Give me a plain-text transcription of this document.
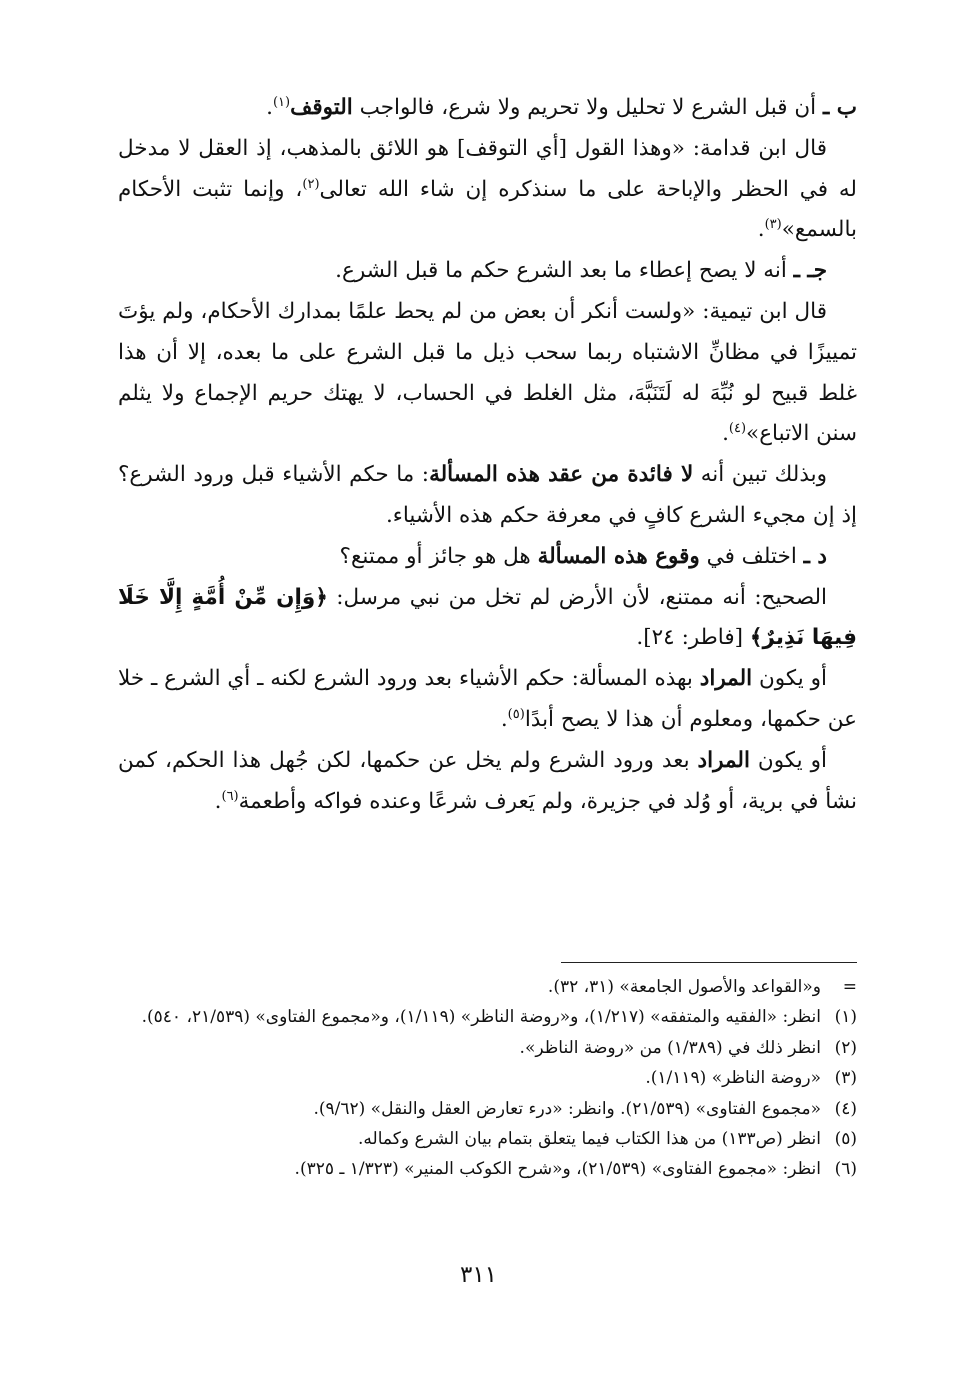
ب ـ أن قبل الشرع لا تحليل ولا تحريم ولا شرع، فالواجب التوقف$^{(١)}$.

قال ابن قدامة: «وهذا القول [أي التوقف] هو اللائق بالمذهب، إذ العقل لا مدخل له في الحظر والإباحة على ما سنذكره إن شاء الله تعالى$^{(٢)}$، وإنما تثبت الأحكام بالسمع»$^{(٣)}$.

جـ ـ أنه لا يصح إعطاء ما بعد الشرع حكم ما قبل الشرع.

قال ابن تيمية: «ولست أنكر أن بعض من لم يحط علمًا بمدارك الأحكام، ولم يؤتَ تمييزًا في مظانِّ الاشتباه ربما سحب ذيل ما قبل الشرع على ما بعده، إلا أن هذا غلط قبيح لو نُبِّهَ له لَتَنَبَّهَ، مثل الغلط في الحساب، لا يهتك حريم الإجماع ولا يثلم سنن الاتباع»$^{(٤)}$.

وبذلك تبين أنه لا فائدة من عقد هذه المسألة: ما حكم الأشياء قبل ورود الشرع؟ إذ إن مجيء الشرع كافٍ في معرفة حكم هذه الأشياء.

د ـ اختلف في وقوع هذه المسألة هل هو جائز أو ممتنع؟

الصحيح: أنه ممتنع، لأن الأرض لم تخل من نبي مرسل: ﴿وَإِن مِّنْ أُمَّةٍ إِلَّا خَلَا فِيهَا نَذِيرٌ﴾ [فاطر: ٢٤].

أو يكون المراد بهذه المسألة: حكم الأشياء بعد ورود الشرع لكنه ـ أي الشرع ـ خلا عن حكمها، ومعلوم أن هذا لا يصح أبدًا$^{(٥)}$.

أو يكون المراد بعد ورود الشرع ولم يخل عن حكمها، لكن جُهل هذا الحكم، كمن نشأ في برية، أو وُلد في جزيرة، ولم يَعرف شرعًا وعنده فواكه وأطعمة$^{(٦)}$.

=
و«القواعد والأصول الجامعة» (٣١، ٣٢).
(١)
انظر: «الفقيه والمتفقه» (١/٢١٧)، و«روضة الناظر» (١/١١٩)، و«مجموع الفتاوى» (٢١/٥٣٩، ٥٤٠).
(٢)
انظر ذلك في (١/٣٨٩) من «روضة الناظر».
(٣)
«روضة الناظر» (١/١١٩).
(٤)
«مجموع الفتاوى» (٢١/٥٣٩). وانظر: «درء تعارض العقل والنقل» (٩/٦٢).
(٥)
انظر (ص١٣٣) من هذا الكتاب فيما يتعلق بتمام بيان الشرع وكماله.
(٦)
انظر: «مجموع الفتاوى» (٢١/٥٣٩)، و«شرح الكوكب المنير» (١/٣٢٣ ـ ٣٢٥).
٣١١
